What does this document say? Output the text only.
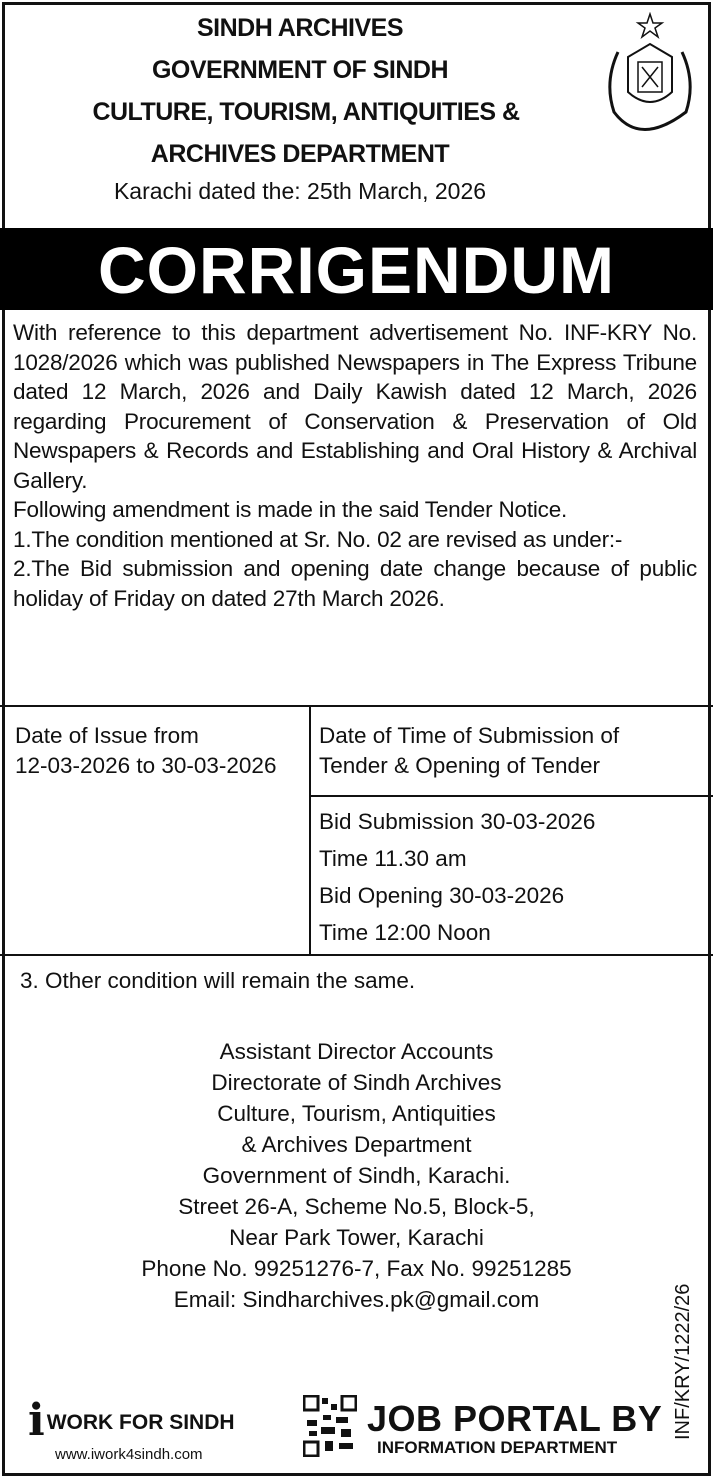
SINDH ARCHIVES
GOVERNMENT OF SINDH
CULTURE, TOURISM, ANTIQUITIES &
ARCHIVES DEPARTMENT
Karachi dated the: 25th March, 2026
CORRIGENDUM

With reference to this department advertisement No. INF-KRY No. 1028/2026 which was published Newspapers in The Express Tribune dated 12 March, 2026 and Daily Kawish dated 12 March, 2026 regarding Procurement of Conservation & Preservation of Old Newspapers & Records and Establishing and Oral History & Archival Gallery.

Following amendment is made in the said Tender Notice.

1.The condition mentioned at Sr. No. 02 are revised as under:-

2.The Bid submission and opening date change because of public holiday of Friday on dated 27th March 2026.

Date of Issue from
12-03-2026 to 30-03-2026
Date of Time of Submission of
Tender & Opening of Tender
Bid Submission 30-03-2026
Time 11.30 am
Bid Opening 30-03-2026
Time 12:00 Noon
3. Other condition will remain the same.
Assistant Director Accounts
Directorate of Sindh Archives
Culture, Tourism, Antiquities
& Archives Department
Government of Sindh, Karachi.
Street 26-A, Scheme No.5, Block-5,
Near Park Tower, Karachi
Phone No. 99251276-7, Fax No. 99251285
Email: Sindharchives.pk@gmail.com	INF/KRY/1222/26
iWORK FOR SINDH
www.iwork4sindh.com
JOB PORTAL BY
INFORMATION DEPARTMENT
